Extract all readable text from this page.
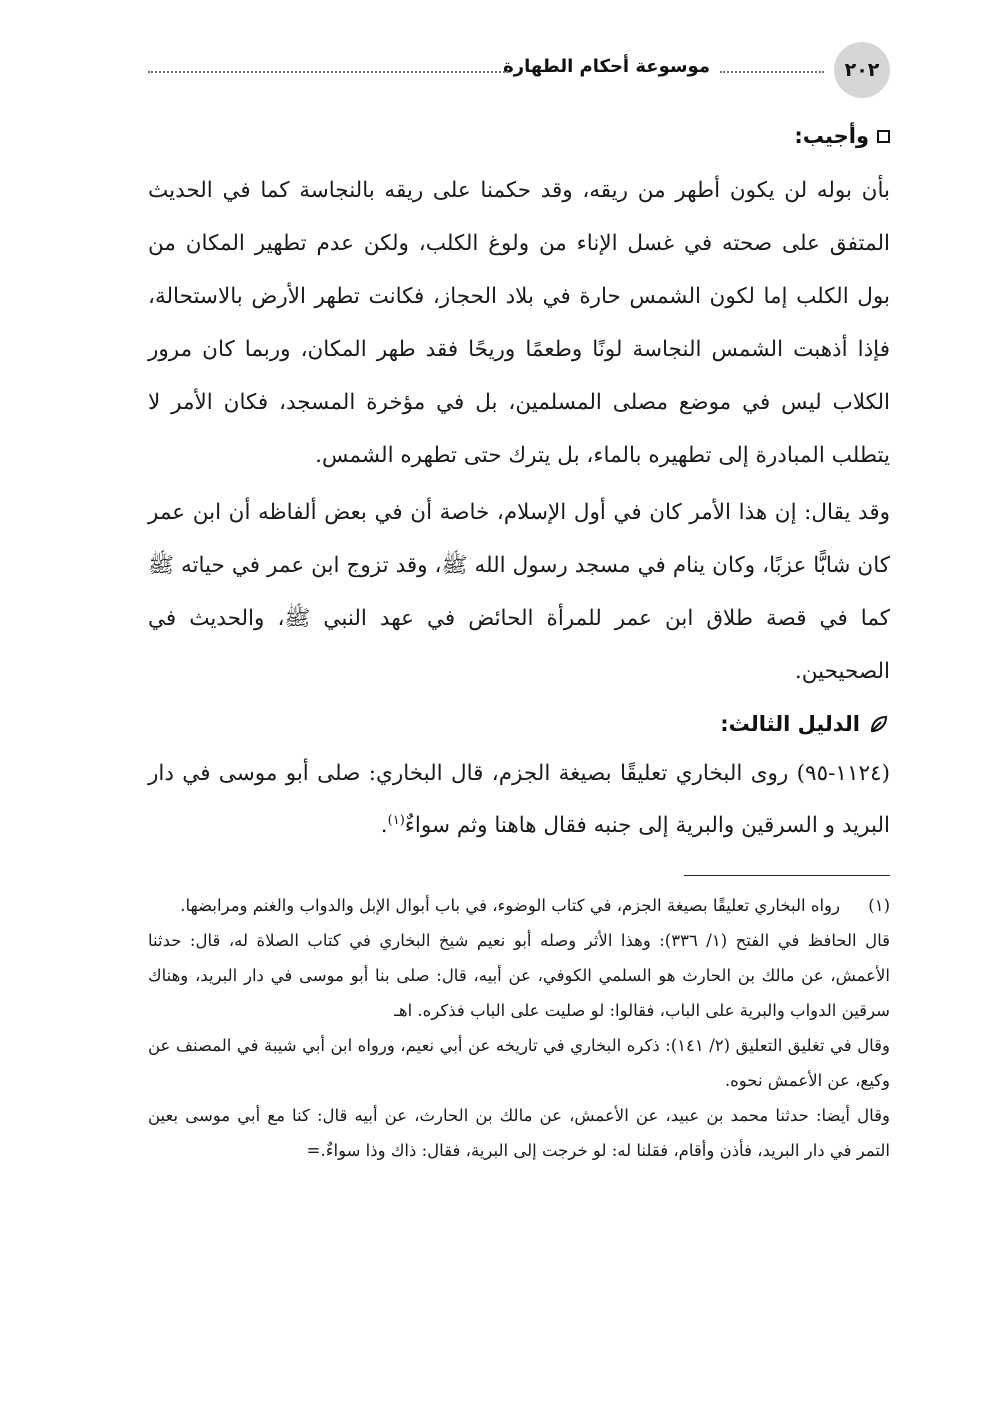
٢٠٢
موسوعة أحكام الطهارة
وأجيب:

بأن بوله لن يكون أطهر من ريقه، وقد حكمنا على ريقه بالنجاسة كما في الحديث المتفق على صحته في غسل الإناء من ولوغ الكلب، ولكن عدم تطهير المكان من بول الكلب إما لكون الشمس حارة في بلاد الحجاز، فكانت تطهر الأرض بالاستحالة، فإذا أذهبت الشمس النجاسة لونًا وطعمًا وريحًا فقد طهر المكان، وربما كان مرور الكلاب ليس في موضع مصلى المسلمين، بل في مؤخرة المسجد، فكان الأمر لا يتطلب المبادرة إلى تطهيره بالماء، بل يترك حتى تطهره الشمس.

وقد يقال: إن هذا الأمر كان في أول الإسلام، خاصة أن في بعض ألفاظه أن ابن عمر كان شابًّا عزبًا، وكان ينام في مسجد رسول الله ﷺ، وقد تزوج ابن عمر في حياته ﷺ كما في قصة طلاق ابن عمر للمرأة الحائض في عهد النبي ﷺ، والحديث في الصحيحين.

الدليل الثالث:

(١١٢٤-٩٥) روى البخاري تعليقًا بصيغة الجزم، قال البخاري: صلى أبو موسى في دار البريد و السرقين والبرية إلى جنبه فقال هاهنا وثم سواءٌ$^{(١)}$.

(١)
رواه البخاري تعليقًا بصيغة الجزم، في كتاب الوضوء، في باب أبوال الإبل والدواب والغنم ومرابضها.

قال الحافظ في الفتح (١/ ٣٣٦): وهذا الأثر وصله أبو نعيم شيخ البخاري في كتاب الصلاة له، قال: حدثنا الأعمش، عن مالك بن الحارث هو السلمي الكوفي، عن أبيه، قال: صلى بنا أبو موسى في دار البريد، وهناك سرقين الدواب والبرية على الباب، فقالوا: لو صليت على الباب فذكره. اهـ

وقال في تغليق التعليق (٢/ ١٤١): ذكره البخاري في تاريخه عن أبي نعيم، ورواه ابن أبي شيبة في المصنف عن وكيع، عن الأعمش نحوه.

وقال أيضا: حدثنا محمد بن عبيد، عن الأعمش، عن مالك بن الحارث، عن أبيه قال: كنا مع أبي موسى بعين التمر في دار البريد، فأذن وأقام، فقلنا له: لو خرجت إلى البرية، فقال: ذاك وذا سواءٌ.=
